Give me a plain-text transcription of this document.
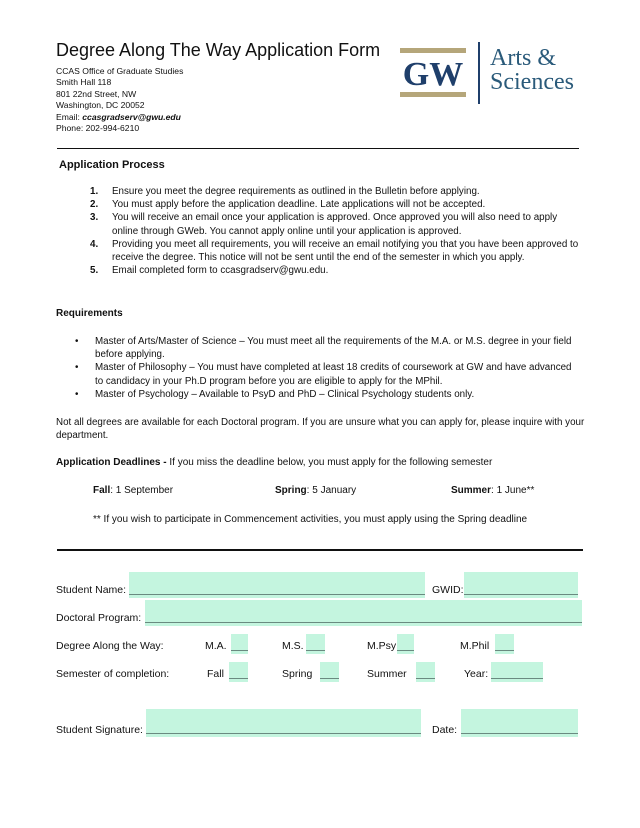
Degree Along The Way Application Form
CCAS Office of Graduate Studies
Smith Hall 118
801 22nd Street, NW
Washington, DC 20052
Email: ccasgradserv@gwu.edu
Phone: 202-994-6210
GW Arts &
Sciences
Application Process
1.	Ensure you meet the degree requirements as outlined in the Bulletin before applying.
2.	You must apply before the application deadline. Late applications will not be accepted.
3.	You will receive an email once your application is approved. Once approved you will also need to apply online through GWeb. You cannot apply online until your application is approved.
4.	Providing you meet all requirements, you will receive an email notifying you that you have been approved to receive the degree. This notice will not be sent until the end of the semester in which you apply.
5.	Email completed form to ccasgradserv@gwu.edu.
Requirements
•	Master of Arts/Master of Science – You must meet all the requirements of the M.A. or M.S. degree in your field before applying.
•	Master of Philosophy – You must have completed at least 18 credits of coursework at GW and have advanced to candidacy in your Ph.D program before you are eligible to apply for the MPhil.
•	Master of Psychology – Available to PsyD and PhD – Clinical Psychology students only.
Not all degrees are available for each Doctoral program. If you are unsure what you can apply for, please inquire with your department.
Application Deadlines - If you miss the deadline below, you must apply for the following semester
Fall: 1 September	Spring: 5 January	Summer: 1 June**
** If you wish to participate in Commencement activities, you must apply using the Spring deadline
Student Name:	GWID:
Doctoral Program:
Degree Along the Way:	M.A.	M.S.	M.Psy	M.Phil
Semester of completion:	Fall	Spring	Summer	Year:
Student Signature:	Date:
